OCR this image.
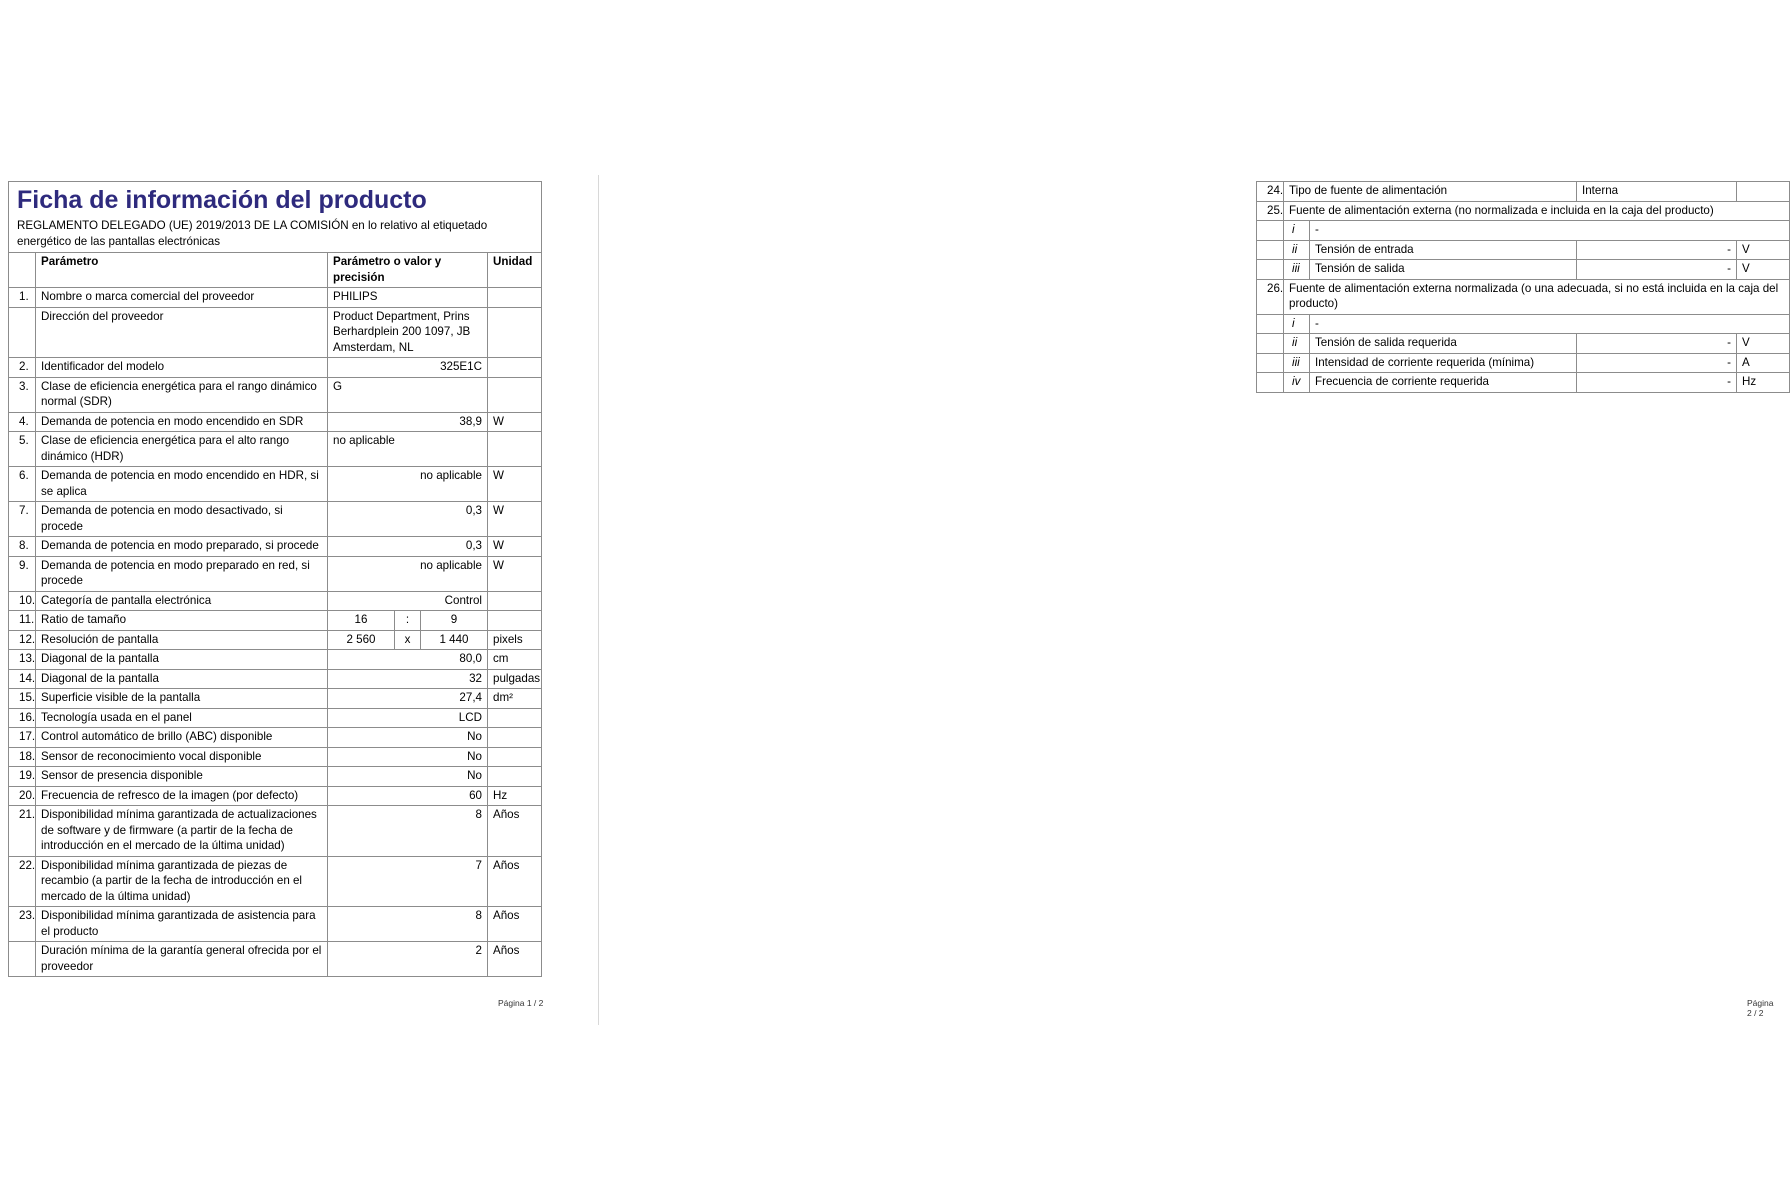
Ficha de información del producto
REGLAMENTO DELEGADO (UE) 2019/2013 DE LA COMISIÓN en lo relativo al etiquetado energético de las pantallas electrónicas					

	Parámetro	Parámetro o valor y precisión			Unidad
1.	Nombre o marca comercial del proveedor	PHILIPS			
	Dirección del proveedor	Product Department, Prins Berhardplein 200 1097, JB Amsterdam, NL			
2.	Identificador del modelo	325E1C			
3.	Clase de eficiencia energética para el rango dinámico normal (SDR)	G			
4.	Demanda de potencia en modo encendido en SDR	38,9			W
5.	Clase de eficiencia energética para el alto rango dinámico (HDR)	no aplicable			
6.	Demanda de potencia en modo encendido en HDR, si se aplica	no aplicable			W
7.	Demanda de potencia en modo desactivado, si procede	0,3			W
8.	Demanda de potencia en modo preparado, si procede	0,3			W
9.	Demanda de potencia en modo preparado en red, si procede	no aplicable			W
10.	Categoría de pantalla electrónica	Control			
11.	Ratio de tamaño	16	:	9	
12.	Resolución de pantalla	2 560	x	1 440	pixels
13.	Diagonal de la pantalla	80,0			cm
14.	Diagonal de la pantalla	32			pulgadas
15.	Superficie visible de la pantalla	27,4			dm²
16.	Tecnología usada en el panel	LCD			
17.	Control automático de brillo (ABC) disponible	No			
18.	Sensor de reconocimiento vocal disponible	No			
19.	Sensor de presencia disponible	No			
20.	Frecuencia de refresco de la imagen (por defecto)	60			Hz
21.	Disponibilidad mínima garantizada de actualizaciones de software y de firmware (a partir de la fecha de introducción en el mercado de la última unidad)	8			Años
22.	Disponibilidad mínima garantizada de piezas de recambio (a partir de la fecha de introducción en el mercado de la última unidad)	7			Años
23.	Disponibilidad mínima garantizada de asistencia para el producto	8			Años
	Duración mínima de la garantía general ofrecida por el proveedor	2			Años
Página 1 / 2
24.	Tipo de fuente de alimentación		Interna	
25.	Fuente de alimentación externa (no normalizada e incluida en la caja del producto)			
	i	-		
	ii	Tensión de entrada	-	V
	iii	Tensión de salida	-	V
26.	Fuente de alimentación externa normalizada (o una adecuada, si no está incluida en la caja del producto)			
	i	-		
	ii	Tensión de salida requerida	-	V
	iii	Intensidad de corriente requerida (mínima)	-	A
	iv	Frecuencia de corriente requerida	-	Hz
Página 2 / 2
